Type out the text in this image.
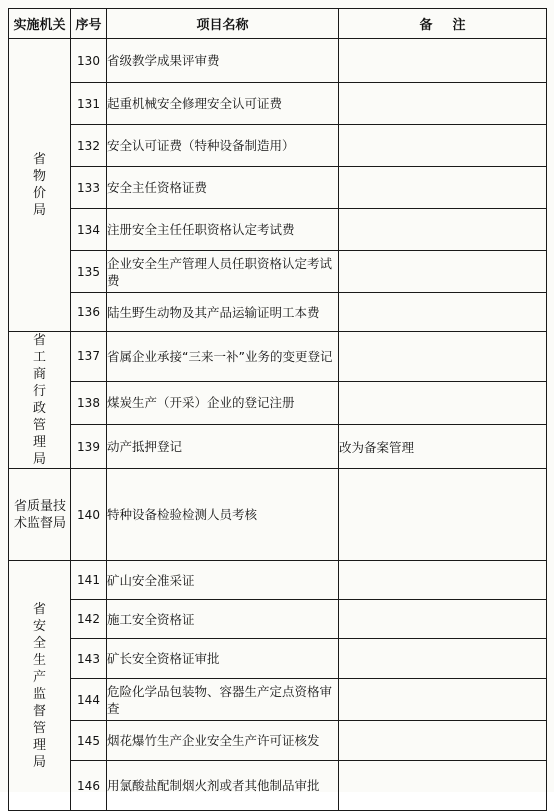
实施机关	序号	项目名称	备注
省物价局	130	省级教学成果评审费	
	131	起重机械安全修理安全认可证费	
	132	安全认可证费（特种设备制造用）	
	133	安全主任资格证费	
	134	注册安全主任任职资格认定考试费	
	135	企业安全生产管理人员任职资格认定考试费	
	136	陆生野生动物及其产品运输证明工本费	
省工商行政管理局	137	省属企业承接“三来一补”业务的变更登记	
	138	煤炭生产（开采）企业的登记注册	
	139	动产抵押登记	改为备案管理
省质量技术监督局	140	特种设备检验检测人员考核	
省安全生产监督管理局	141	矿山安全准采证	
	142	施工安全资格证	
	143	矿长安全资格证审批	
	144	危险化学品包装物、容器生产定点资格审查	
	145	烟花爆竹生产企业安全生产许可证核发	
	146	用氯酸盐配制烟火剂或者其他制品审批	
